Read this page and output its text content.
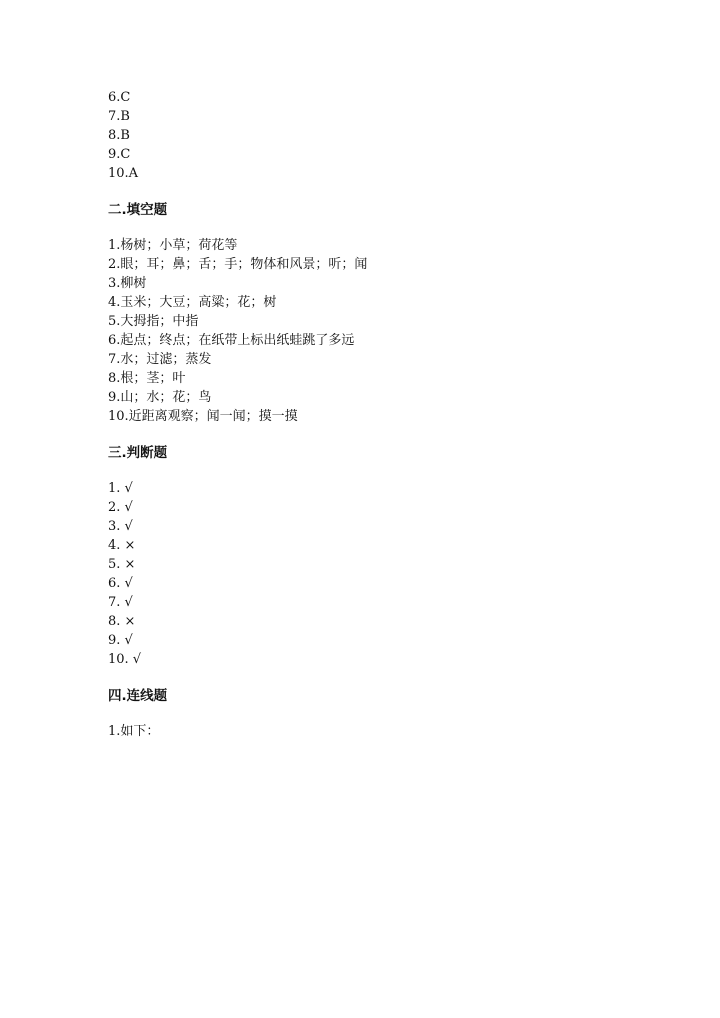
6.C
7.B
8.B
9.C
10.A
二.填空题
1.杨树；小草；荷花等
2.眼；耳；鼻；舌；手；物体和风景；听；闻
3.柳树
4.玉米；大豆；高粱；花；树
5.大拇指；中指
6.起点；终点；在纸带上标出纸蛙跳了多远
7.水；过滤；蒸发
8.根；茎；叶
9.山；水；花；鸟
10.近距离观察；闻一闻；摸一摸
三.判断题
1. √
2. √
3. √
4. ×
5. ×
6. √
7. √
8. ×
9. √
10. √
四.连线题
1.如下：
